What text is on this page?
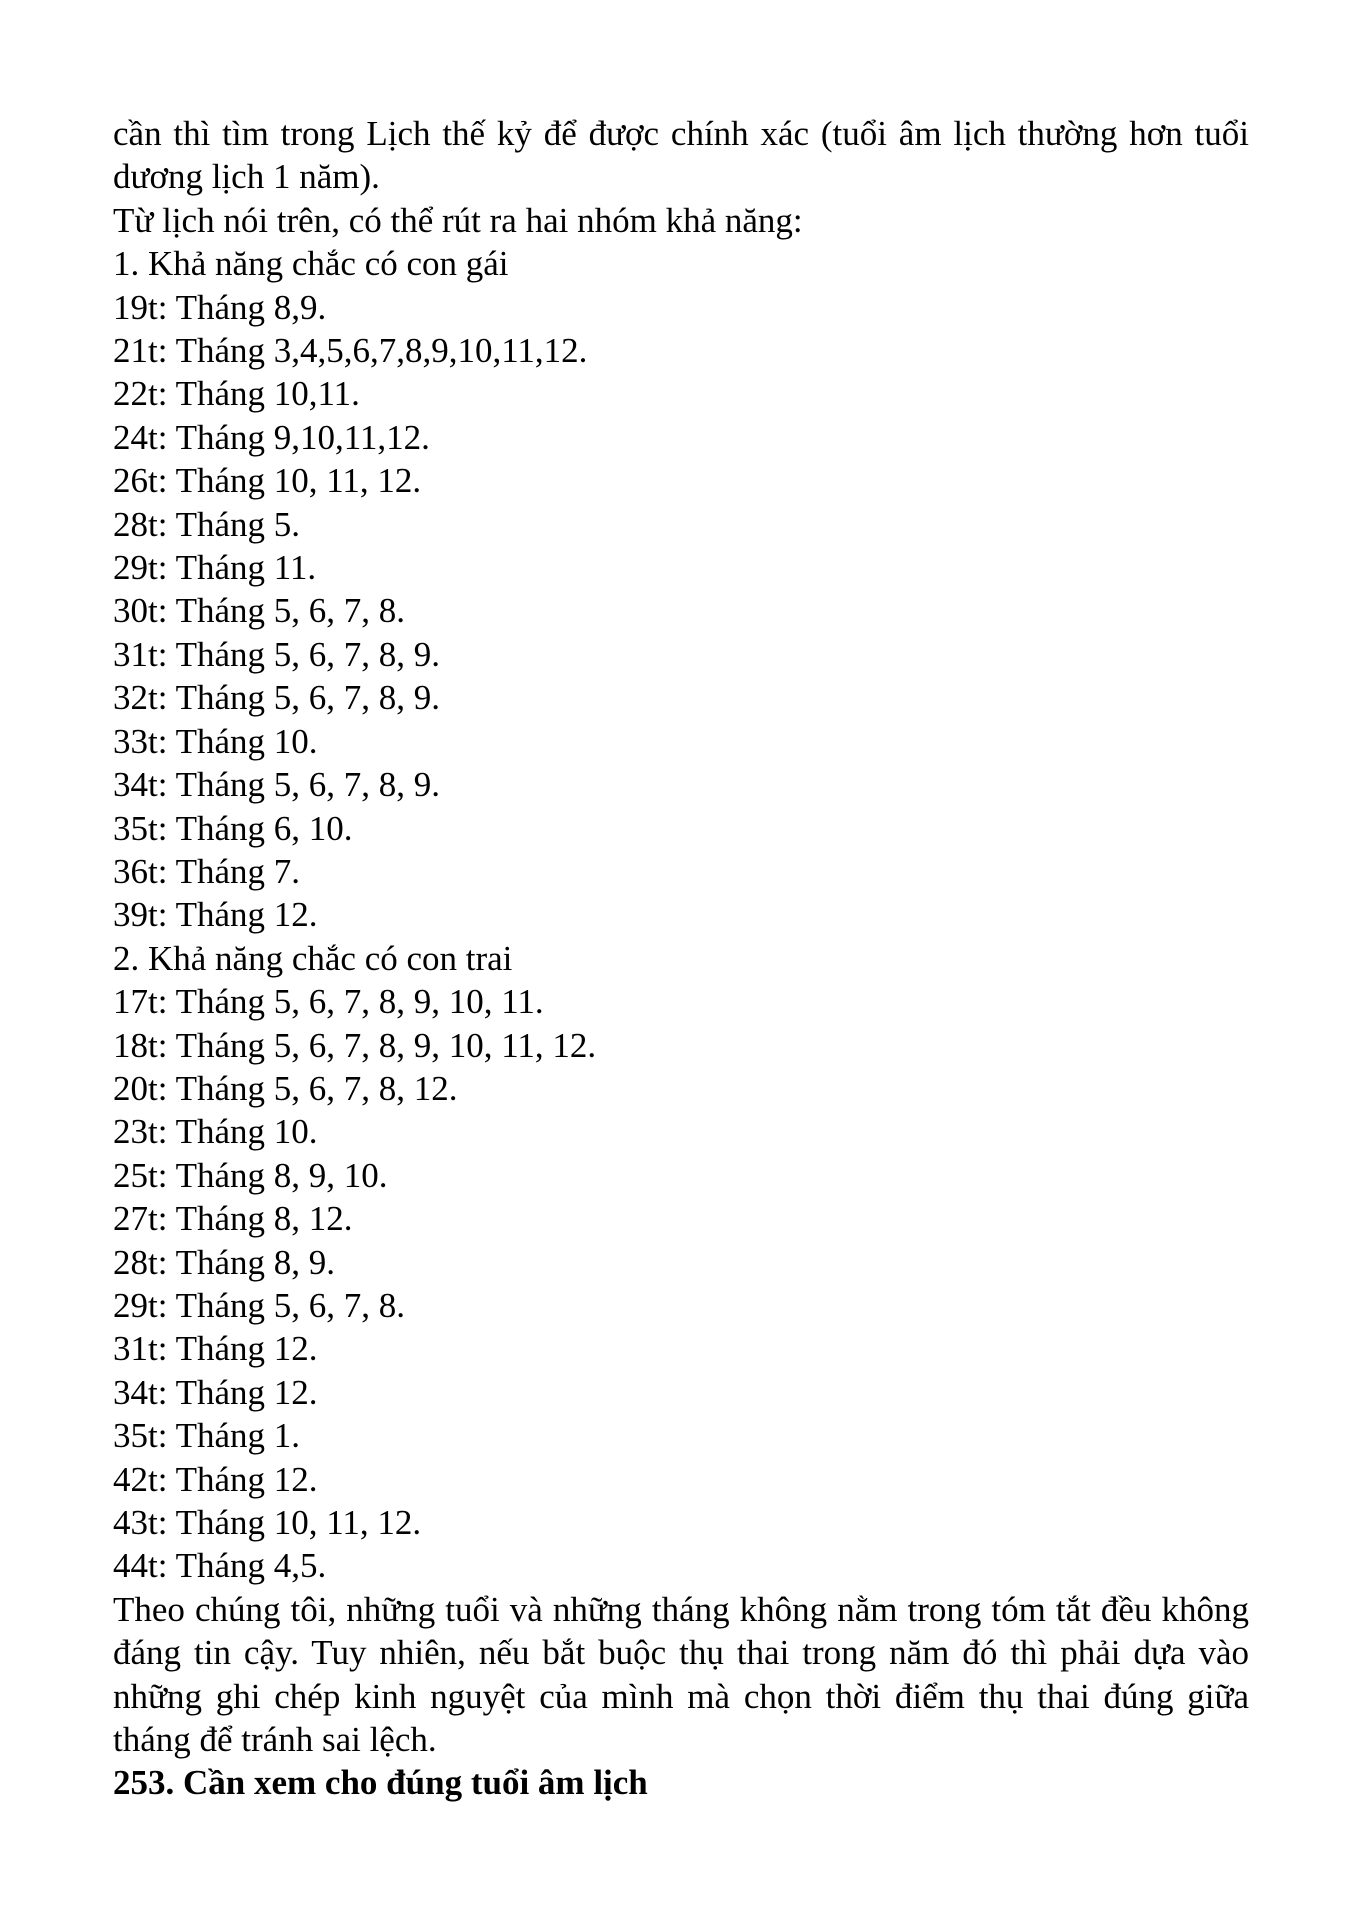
cần thì tìm trong Lịch thế kỷ để được chính xác (tuổi âm lịch thường hơn tuổi dương lịch 1 năm).

Từ lịch nói trên, có thể rút ra hai nhóm khả năng:

1. Khả năng chắc có con gái

19t: Tháng 8,9.

21t: Tháng 3,4,5,6,7,8,9,10,11,12.

22t: Tháng 10,11.

24t: Tháng 9,10,11,12.

26t: Tháng 10, 11, 12.

28t: Tháng 5.

29t: Tháng 11.

30t: Tháng 5, 6, 7, 8.

31t: Tháng 5, 6, 7, 8, 9.

32t: Tháng 5, 6, 7, 8, 9.

33t: Tháng 10.

34t: Tháng 5, 6, 7, 8, 9.

35t: Tháng 6, 10.

36t: Tháng 7.

39t: Tháng 12.

2. Khả năng chắc có con trai

17t: Tháng 5, 6, 7, 8, 9, 10, 11.

18t: Tháng 5, 6, 7, 8, 9, 10, 11, 12.

20t: Tháng 5, 6, 7, 8, 12.

23t: Tháng 10.

25t: Tháng 8, 9, 10.

27t: Tháng 8, 12.

28t: Tháng 8, 9.

29t: Tháng 5, 6, 7, 8.

31t: Tháng 12.

34t: Tháng 12.

35t: Tháng 1.

42t: Tháng 12.

43t: Tháng 10, 11, 12.

44t: Tháng 4,5.

Theo chúng tôi, những tuổi và những tháng không nằm trong tóm tắt đều không đáng tin cậy. Tuy nhiên, nếu bắt buộc thụ thai trong năm đó thì phải dựa vào những ghi chép kinh nguyệt của mình mà chọn thời điểm thụ thai đúng giữa tháng để tránh sai lệch.

253. Cần xem cho đúng tuổi âm lịch
